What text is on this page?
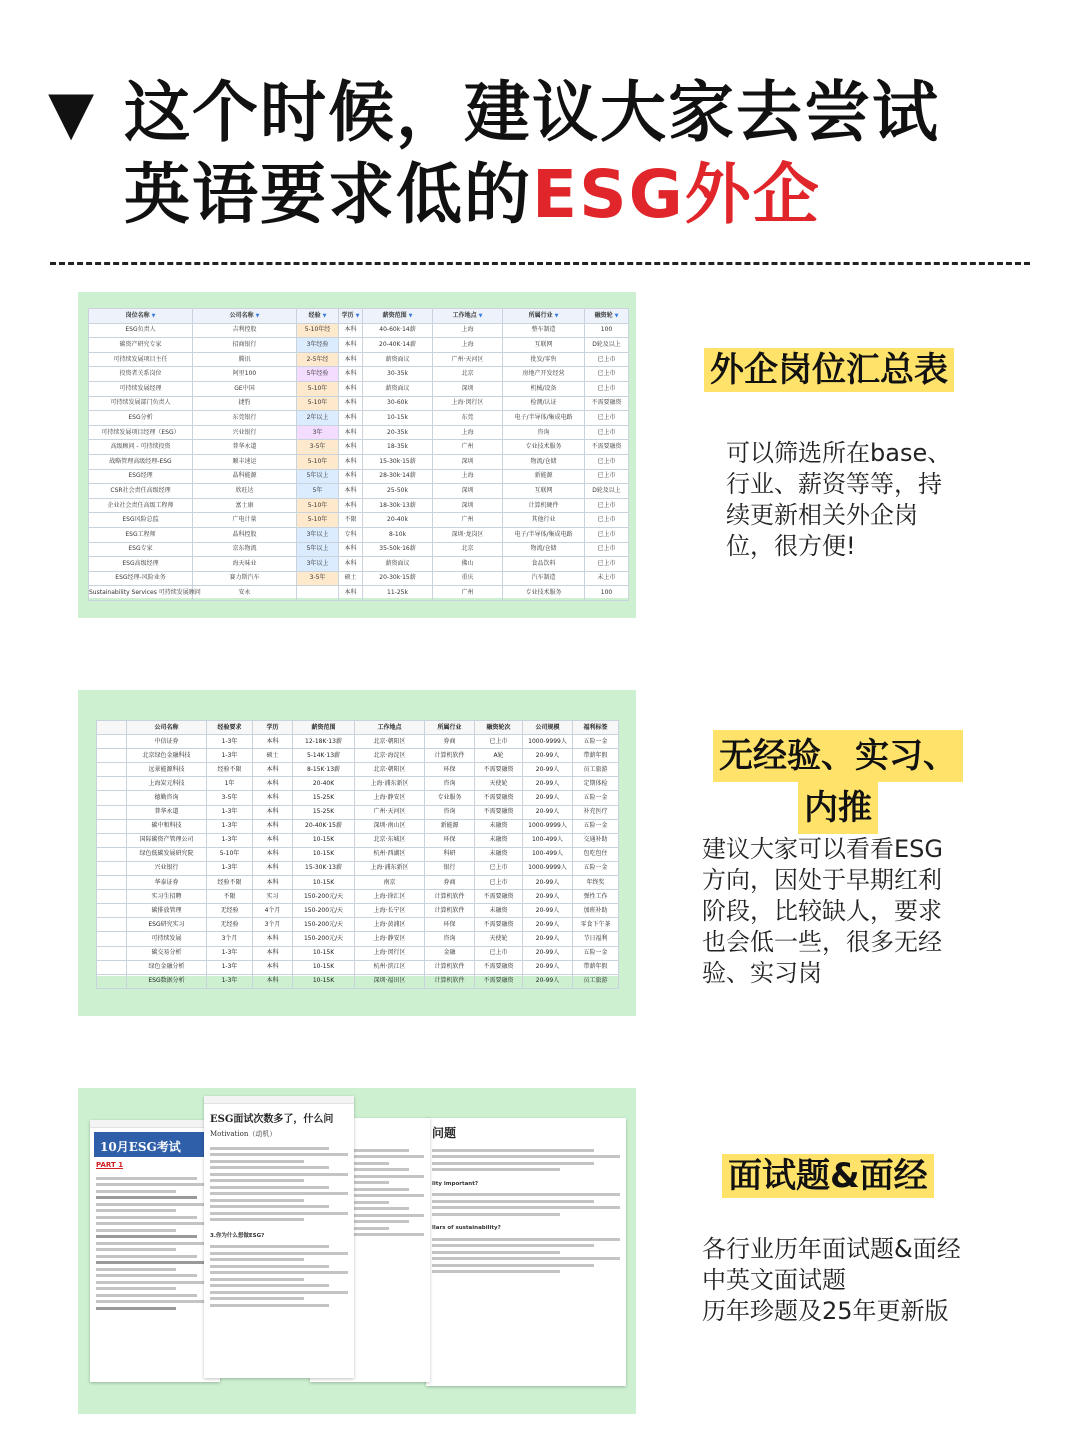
▼ 这个时候，建议大家去尝试
英语要求低的 ESG外企
岗位名称 ▼	公司名称 ▼	经验 ▼	学历 ▼	薪资范围 ▼	工作地点 ▼	所属行业 ▼	融资轮 ▼
ESG负责人	吉利控股	5-10年经	本科	40-60k·14薪	上海	整车制造	100
碳资产研究专家	招商银行	3年经验	本科	20-40K·14薪	上海	互联网	D轮及以上
可持续发展项目主任	腾讯	2-5年经	本科	薪资面议	广州·天河区	批发/零售	已上市
投资者关系岗位	阿里100	5年经验	本科	30-35k	北京	房地产开发经营	已上市
可持续发展经理	GE中国	5-10年	本科	薪资面议	深圳	机械/设备	已上市
可持续发展部门负责人	捷豹	5-10年	本科	30-60k	上海·闵行区	检测/认证	不需要融资
ESG分析	东莞银行	2年以上	本科	10-15k	东莞	电子/半导体/集成电路	已上市
可持续发展项目经理（ESG）	兴业银行	3年	本科	20-35k	上海	咨询	已上市
高级顾问 - 可持续投资	普华永道	3-5年	本科	18-35k	广州	专业技术服务	不需要融资
战略管理高级经理-ESG	顺丰速运	5-10年	本科	15-30k·15薪	深圳	物流/仓储	已上市
ESG经理	晶科能源	5年以上	本科	28-30k·14薪	上海	新能源	已上市
CSR社会责任高级经理	欣旺达	5年	本科	25-50k	深圳	互联网	D轮及以上
企业社会责任高级工程师	富士康	5-10年	本科	18-30k·13薪	深圳	计算机硬件	已上市
ESG风险总监	广电计量	5-10年	不限	20-40k	广州	其他行业	已上市
ESG工程师	晶科控股	3年以上	专科	8-10k	深圳·龙岗区	电子/半导体/集成电路	已上市
ESG专家	京东物流	5年以上	本科	35-50k·16薪	北京	物流/仓储	已上市
ESG高级经理	海天味业	3年以上	本科	薪资面议	佛山	食品饮料	已上市
ESG经理-风险业务	赛力斯汽车	3-5年	硕士	20-30k·15薪	重庆	汽车制造	未上市
Sustainability Services 可持续发展顾问	安永		本科	11-25k	广州	专业技术服务	100
外企岗位汇总表
可以筛选所在base、
行业、薪资等等，持
续更新相关外企岗
位，很方便!
	公司名称	经验要求	学历	薪资范围	工作地点	所属行业	融资轮次	公司规模	福利标签
	中信证券	1-3年	本科	12-18K·13薪	北京·朝阳区	券商	已上市	1000-9999人	五险一金
	北京绿色金融科技	1-3年	硕士	5-14K·13薪	北京·海淀区	计算机软件	A轮	20-99人	带薪年假
	远景能源科技	经验不限	本科	8-15K·13薪	北京·朝阳区	环保	不需要融资	20-99人	员工旅游
	上海炭元科技	1年	本科	20-40K	上海·浦东新区	咨询	天使轮	20-99人	定期体检
	德勤咨询	3-5年	本科	15-25K	上海·静安区	专业服务	不需要融资	20-99人	五险一金
	普华永道	1-3年	本科	15-25K	广州·天河区	咨询	不需要融资	20-99人	补充医疗
	碳中和科技	1-3年	本科	20-40K·15薪	深圳·南山区	新能源	未融资	1000-9999人	五险一金
	国际碳资产管理公司	1-3年	本科	10-15K	北京·东城区	环保	未融资	100-499人	交通补助
	绿色低碳发展研究院	5-10年	本科	10-15K	杭州·西湖区	科研	未融资	100-499人	包吃包住
	兴业银行	1-3年	本科	15-30K·13薪	上海·浦东新区	银行	已上市	1000-9999人	五险一金
	华泰证券	经验不限	本科	10-15K	南京	券商	已上市	20-99人	年终奖
	实习生招聘	不限	实习	150-200元/天	上海·徐汇区	计算机软件	不需要融资	20-99人	弹性工作
	碳排放管理	无经验	4个月	150-200元/天	上海·长宁区	计算机软件	未融资	20-99人	加班补助
	ESG研究实习	无经验	3个月	150-200元/天	上海·黄浦区	环保	不需要融资	20-99人	零食下午茶
	可持续发展	3个月	本科	150-200元/天	上海·静安区	咨询	天使轮	20-99人	节日福利
	碳交易分析	1-3年	本科	10-15K	上海·闵行区	金融	已上市	20-99人	五险一金
	绿色金融分析	1-3年	本科	10-15K	杭州·滨江区	计算机软件	不需要融资	20-99人	带薪年假
	ESG数据分析	1-3年	本科	10-15K	深圳·福田区	计算机软件	不需要融资	20-99人	员工旅游
无经验、实习、
内推
建议大家可以看看ESG
方向，因处于早期红利
阶段，比较缺人，要求
也会低一些，很多无经
验、实习岗
问题
lity important?
llars of sustainability?
10月ESG考试
PART 1
ESG面试次数多了，什么问
Motivation（动机）
3.你为什么想做ESG?
面试题&面经
各行业历年面试题&面经
中英文面试题
历年珍题及25年更新版
